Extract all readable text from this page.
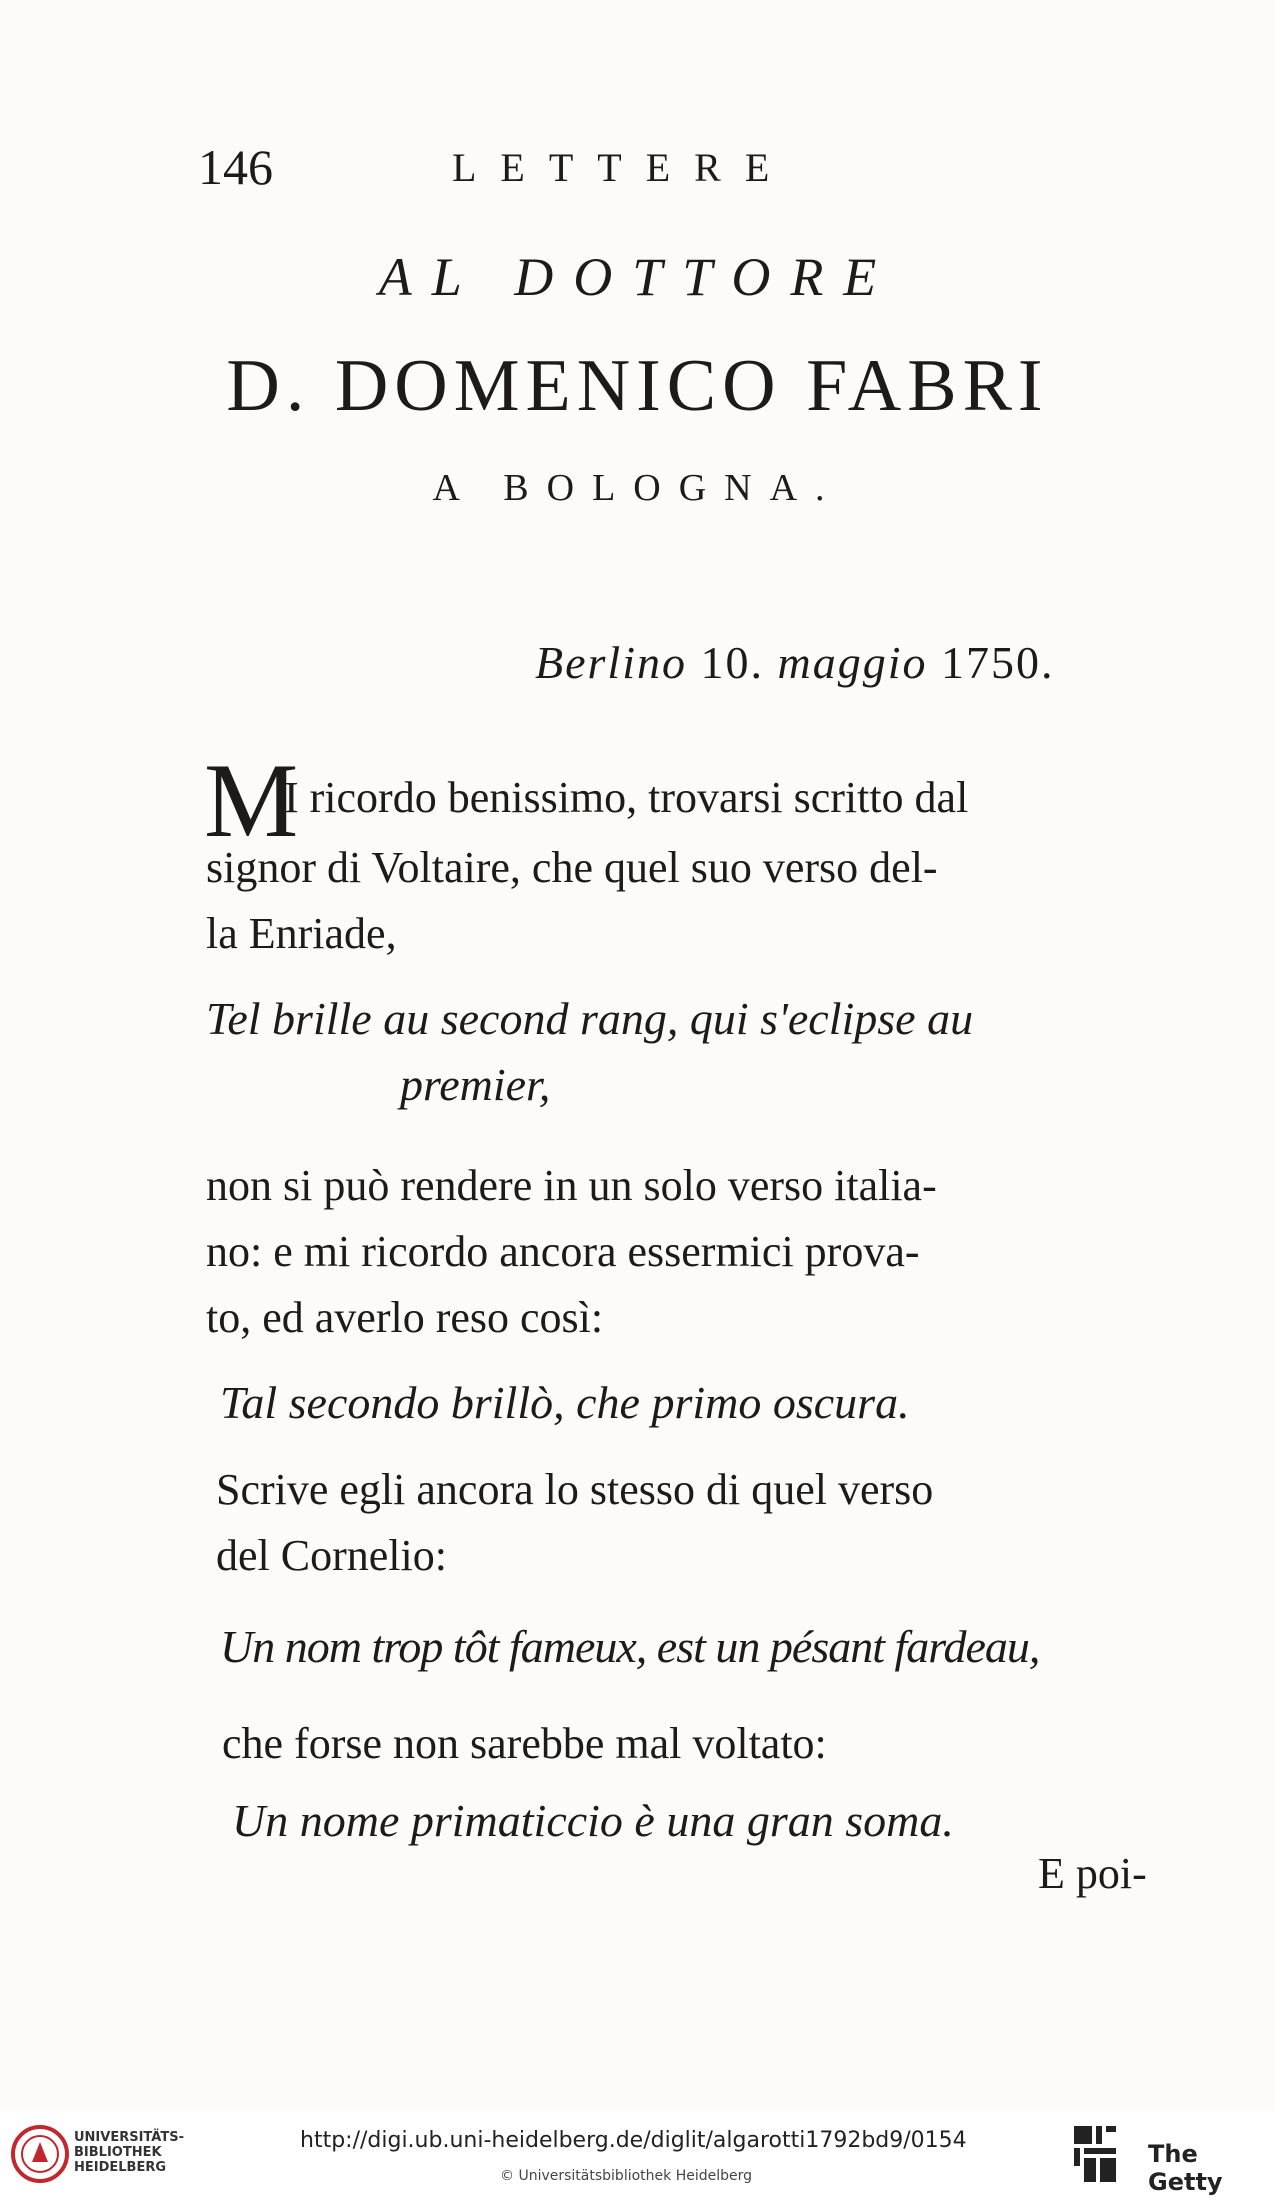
146	LETTERE
AL DOTTORE
D. DOMENICO FABRI
A BOLOGNA.
Berlino 10. maggio 1750.
M
I ricordo benissimo, trovarsi scritto dal
signor di Voltaire, che quel suo verso del-
la Enriade,
Tel brille au second rang, qui s'eclipse au
premier,
non si può rendere in un solo verso italia-
no: e mi ricordo ancora essermici prova-
to, ed averlo reso così:
Tal secondo brillò, che primo oscura.
Scrive egli ancora lo stesso di quel verso
del Cornelio:
Un nom trop tôt fameux, est un pésant fardeau,
che forse non sarebbe mal voltato:
Un nome primaticcio è una gran soma.
E poi-
UNIVERSITÄTS-
BIBLIOTHEK
HEIDELBERG
http://digi.ub.uni-heidelberg.de/diglit/algarotti1792bd9/0154
© Universitätsbibliothek Heidelberg
The Getty
